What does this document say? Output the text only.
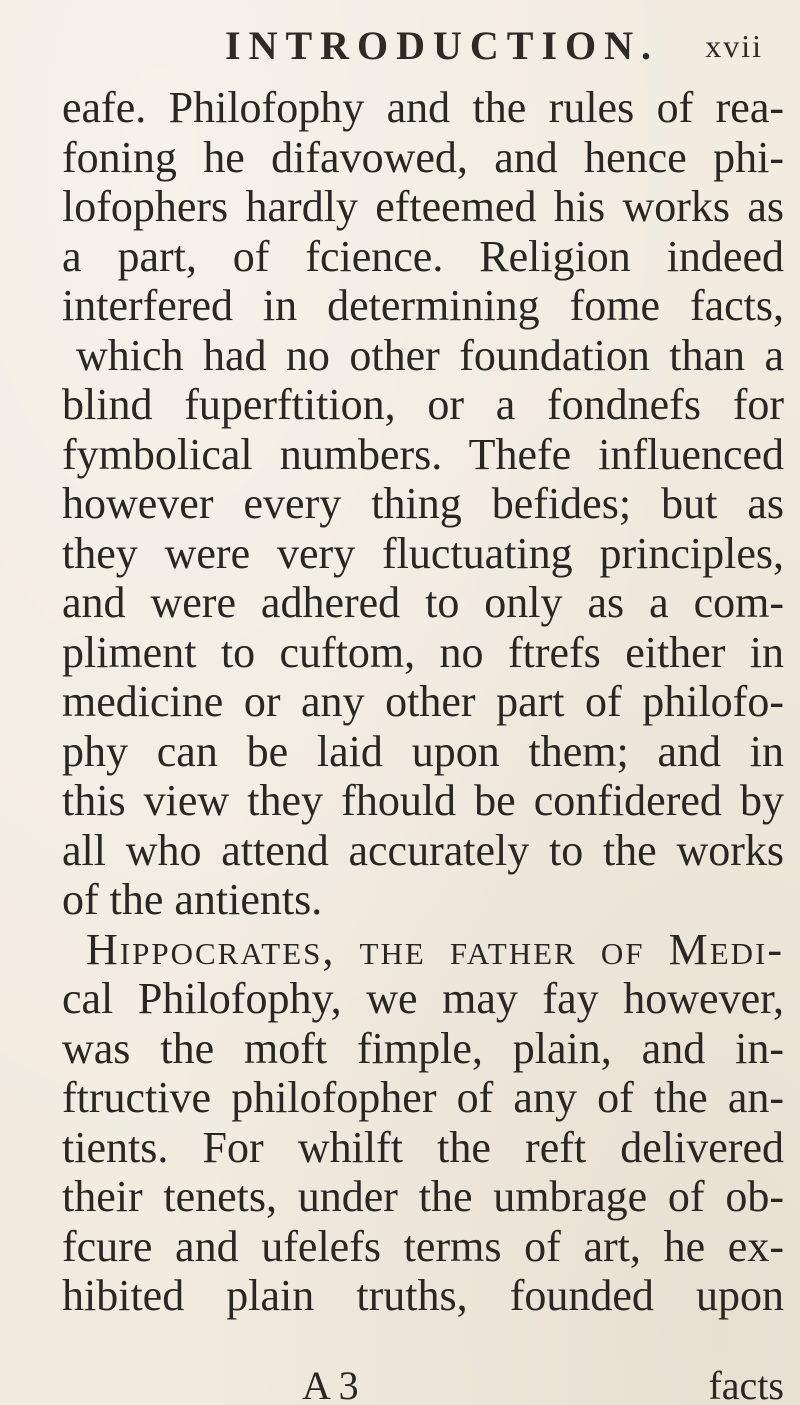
INTRODUCTION. xvii
eafe. Philofophy and the rules of rea-
foning he difavowed, and hence phi-
lofophers hardly efteemed his works as
a part, of fcience. Religion indeed
interfered in determining fome facts,
which had no other foundation than a
blind fuperftition, or a fondnefs for
fymbolical numbers. Thefe influenced
however every thing befides; but as
they were very fluctuating principles,
and were adhered to only as a com-
pliment to cuftom, no ftrefs either in
medicine or any other part of philofo-
phy can be laid upon them; and in
this view they fhould be confidered by
all who attend accurately to the works
of the antients.
Hippocrates, the father of Medi-
cal Philofophy, we may fay however,
was the moft fimple, plain, and in-
ftructive philofopher of any of the an-
tients. For whilft the reft delivered
their tenets, under the umbrage of ob-
fcure and ufelefs terms of art, he ex-
hibited plain truths, founded upon
A 3	facts
